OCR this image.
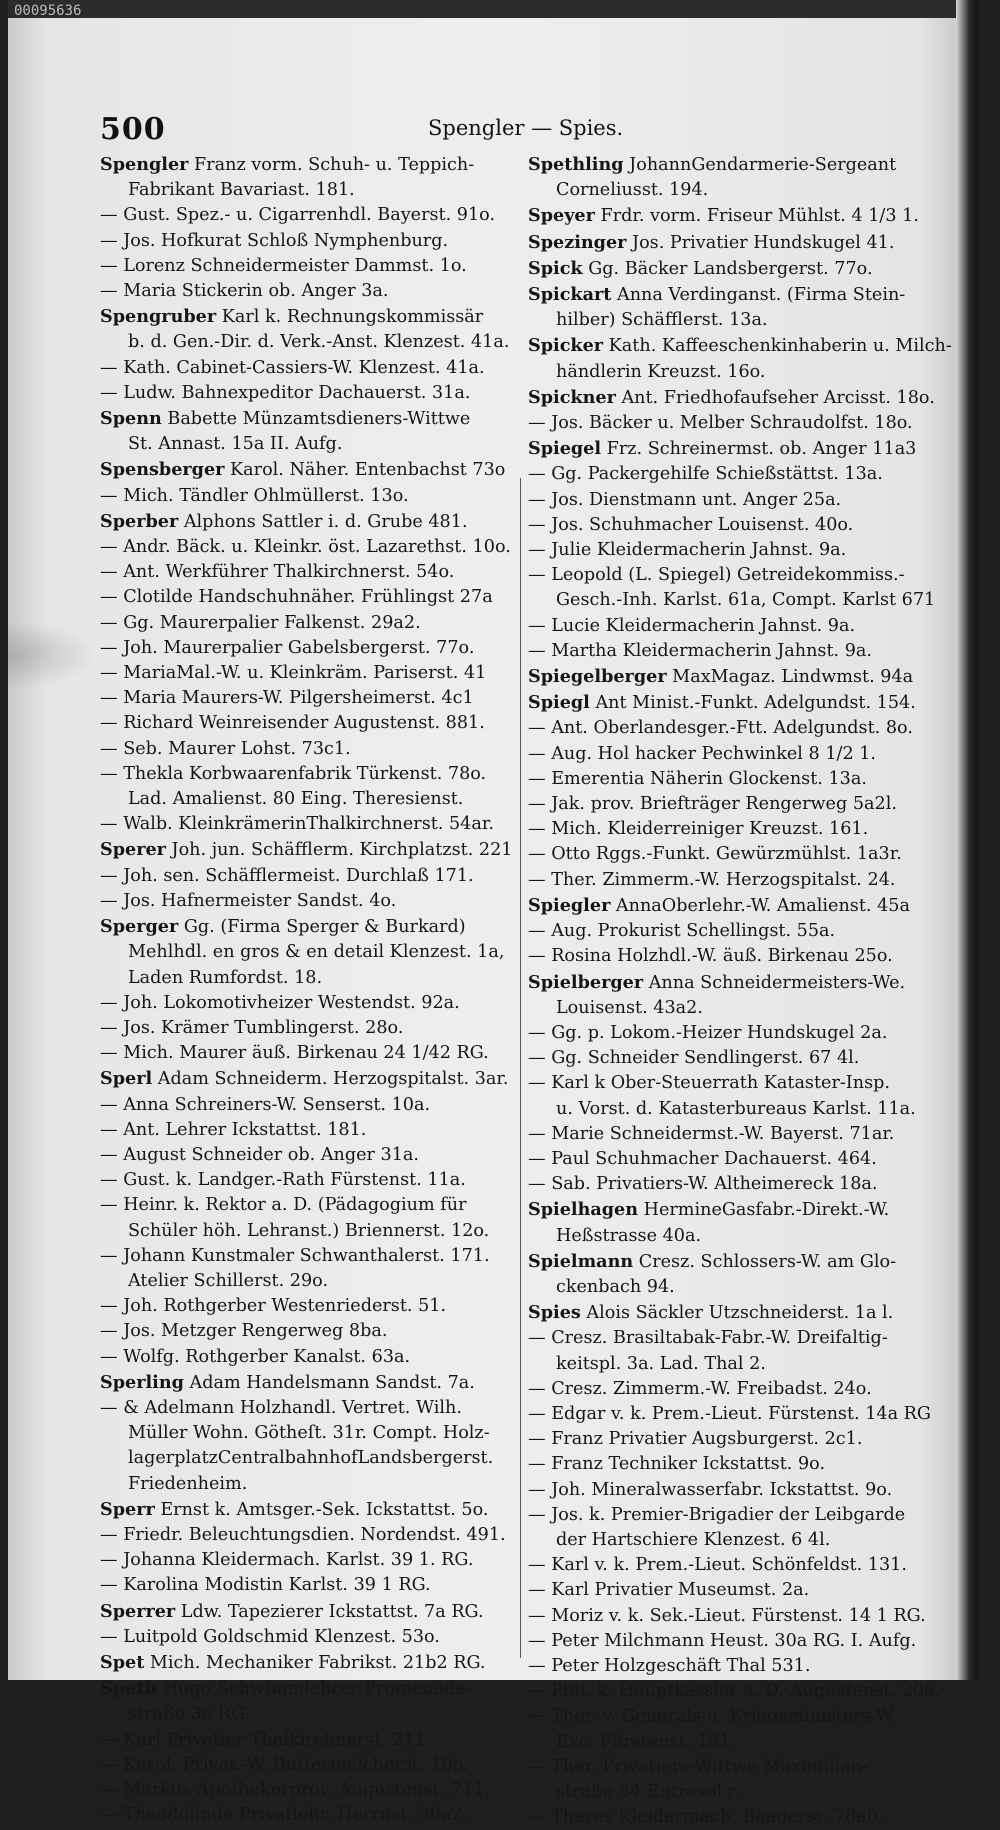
00095636
500	Spengler — Spies.
Spengler Franz vorm. Schuh- u. Teppich-
Fabrikant Bavariast. 181.
— Gust. Spez.- u. Cigarrenhdl. Bayerst. 91o.
— Jos. Hofkurat Schloß Nymphenburg.
— Lorenz Schneidermeister Dammst. 1o.
— Maria Stickerin ob. Anger 3a.
Spengruber Karl k. Rechnungskommissär
b. d. Gen.-Dir. d. Verk.-Anst. Klenzest. 41a.
— Kath. Cabinet-Cassiers-W. Klenzest. 41a.
— Ludw. Bahnexpeditor Dachauerst. 31a.
Spenn Babette Münzamtsdieners-Wittwe
St. Annast. 15a II. Aufg.
Spensberger Karol. Näher. Entenbachst 73o
— Mich. Tändler Ohlmüllerst. 13o.
Sperber Alphons Sattler i. d. Grube 481.
— Andr. Bäck. u. Kleinkr. öst. Lazarethst. 10o.
— Ant. Werkführer Thalkirchnerst. 54o.
— Clotilde Handschuhnäher. Frühlingst 27a
— Gg. Maurerpalier Falkenst. 29a2.
— Joh. Maurerpalier Gabelsbergerst. 77o.
— MariaMal.-W. u. Kleinkräm. Pariserst. 41
— Maria Maurers-W. Pilgersheimerst. 4c1
— Richard Weinreisender Augustenst. 881.
— Seb. Maurer Lohst. 73c1.
— Thekla Korbwaarenfabrik Türkenst. 78o.
Lad. Amalienst. 80 Eing. Theresienst.
— Walb. KleinkrämerinThalkirchnerst. 54ar.
Sperer Joh. jun. Schäfflerm. Kirchplatzst. 221
— Joh. sen. Schäfflermeist. Durchlaß 171.
— Jos. Hafnermeister Sandst. 4o.
Sperger Gg. (Firma Sperger & Burkard)
Mehlhdl. en gros & en detail Klenzest. 1a,
Laden Rumfordst. 18.
— Joh. Lokomotivheizer Westendst. 92a.
— Jos. Krämer Tumblingerst. 28o.
— Mich. Maurer äuß. Birkenau 24 1/42 RG.
Sperl Adam Schneiderm. Herzogspitalst. 3ar.
— Anna Schreiners-W. Senserst. 10a.
— Ant. Lehrer Ickstattst. 181.
— August Schneider ob. Anger 31a.
— Gust. k. Landger.-Rath Fürstenst. 11a.
— Heinr. k. Rektor a. D. (Pädagogium für
Schüler höh. Lehranst.) Briennerst. 12o.
— Johann Kunstmaler Schwanthalerst. 171.
Atelier Schillerst. 29o.
— Joh. Rothgerber Westenriederst. 51.
— Jos. Metzger Rengerweg 8ba.
— Wolfg. Rothgerber Kanalst. 63a.
Sperling Adam Handelsmann Sandst. 7a.
— & Adelmann Holzhandl. Vertret. Wilh.
Müller Wohn. Götheſt. 31r. Compt. Holz-
lagerplatzCentralbahnhofLandsbergerst.
Friedenheim.
Sperr Ernst k. Amtsger.-Sek. Ickstattst. 5o.
— Friedr. Beleuchtungsdien. Nordendst. 491.
— Johanna Kleidermach. Karlst. 39 1. RG.
— Karolina Modistin Karlst. 39 1 RG.
Sperrer Ldw. Tapezierer Ickstattst. 7a RG.
— Luitpold Goldschmid Klenzest. 53o.
Spet Mich. Mechaniker Fabrikst. 21b2 RG.
Speth Hugo Schwimmlehrer Promenade-
straße 3a RG.
— Karl Privatier Thalkirchnerst. 211.
— Karol. Privat.-W. Buttermelcherst. 10o.
— Markus Apothekerprov. Augustenst. 711.
— Theodolinde Privatlehr. Herrnst. 30a2.
Spethling JohannGendarmerie-Sergeant
Corneliusst. 194.
Speyer Frdr. vorm. Friseur Mühlst. 4 1/3 1.
Spezinger Jos. Privatier Hundskugel 41.
Spick Gg. Bäcker Landsbergerst. 77o.
Spickart Anna Verdinganst. (Firma Stein-
hilber) Schäfflerst. 13a.
Spicker Kath. Kaffeeschenkinhaberin u. Milch-
händlerin Kreuzst. 16o.
Spickner Ant. Friedhofaufseher Arcisst. 18o.
— Jos. Bäcker u. Melber Schraudolfst. 18o.
Spiegel Frz. Schreinermst. ob. Anger 11a3
— Gg. Packergehilfe Schießstättst. 13a.
— Jos. Dienstmann unt. Anger 25a.
— Jos. Schuhmacher Louisenst. 40o.
— Julie Kleidermacherin Jahnst. 9a.
— Leopold (L. Spiegel) Getreidekommiss.-
Gesch.-Inh. Karlst. 61a, Compt. Karlst 671
— Lucie Kleidermacherin Jahnst. 9a.
— Martha Kleidermacherin Jahnst. 9a.
Spiegelberger MaxMagaz. Lindwmst. 94a
Spiegl Ant Minist.-Funkt. Adelgundst. 154.
— Ant. Oberlandesger.-Ftt. Adelgundst. 8o.
— Aug. Hol hacker Pechwinkel 8 1/2 1.
— Emerentia Näherin Glockenst. 13a.
— Jak. prov. Briefträger Rengerweg 5a2l.
— Mich. Kleiderreiniger Kreuzst. 161.
— Otto Rggs.-Funkt. Gewürzmühlst. 1a3r.
— Ther. Zimmerm.-W. Herzogspitalst. 24.
Spiegler AnnaOberlehr.-W. Amalienst. 45a
— Aug. Prokurist Schellingst. 55a.
— Rosina Holzhdl.-W. äuß. Birkenau 25o.
Spielberger Anna Schneidermeisters-We.
Louisenst. 43a2.
— Gg. p. Lokom.-Heizer Hundskugel 2a.
— Gg. Schneider Sendlingerst. 67 4l.
— Karl k Ober-Steuerrath Kataster-Insp.
u. Vorst. d. Katasterbureaus Karlst. 11a.
— Marie Schneidermst.-W. Bayerst. 71ar.
— Paul Schuhmacher Dachauerst. 464.
— Sab. Privatiers-W. Altheimereck 18a.
Spielhagen HermineGasfabr.-Direkt.-W.
Heßstrasse 40a.
Spielmann Cresz. Schlossers-W. am Glo-
ckenbach 94.
Spies Alois Säckler Utzschneiderst. 1a l.
— Cresz. Brasiltabak-Fabr.-W. Dreifaltig-
keitspl. 3a. Lad. Thal 2.
— Cresz. Zimmerm.-W. Freibadst. 24o.
— Edgar v. k. Prem.-Lieut. Fürstenst. 14a RG
— Franz Privatier Augsburgerst. 2c1.
— Franz Techniker Ickstattst. 9o.
— Joh. Mineralwasserfabr. Ickstattst. 9o.
— Jos. k. Premier-Brigadier der Leibgarde
der Hartschiere Klenzest. 6 4l.
— Karl v. k. Prem.-Lieut. Schönfeldst. 131.
— Karl Privatier Museumst. 2a.
— Moriz v. k. Sek.-Lieut. Fürstenst. 14 1 RG.
— Peter Milchmann Heust. 30a RG. I. Aufg.
— Peter Holzgeschäft Thal 531.
— Phil. k. Hauptkassier a. D. Augustenst. 20a.
— Ther. v. Generals-u. Kriegsministers-W.
Exc. Fürstenst. 151.
— Ther. Privatiers-Wittwe Maximilian-
straße 34 Entresol r.
— Theres Kleidermach. Baaderst. 78a0.
